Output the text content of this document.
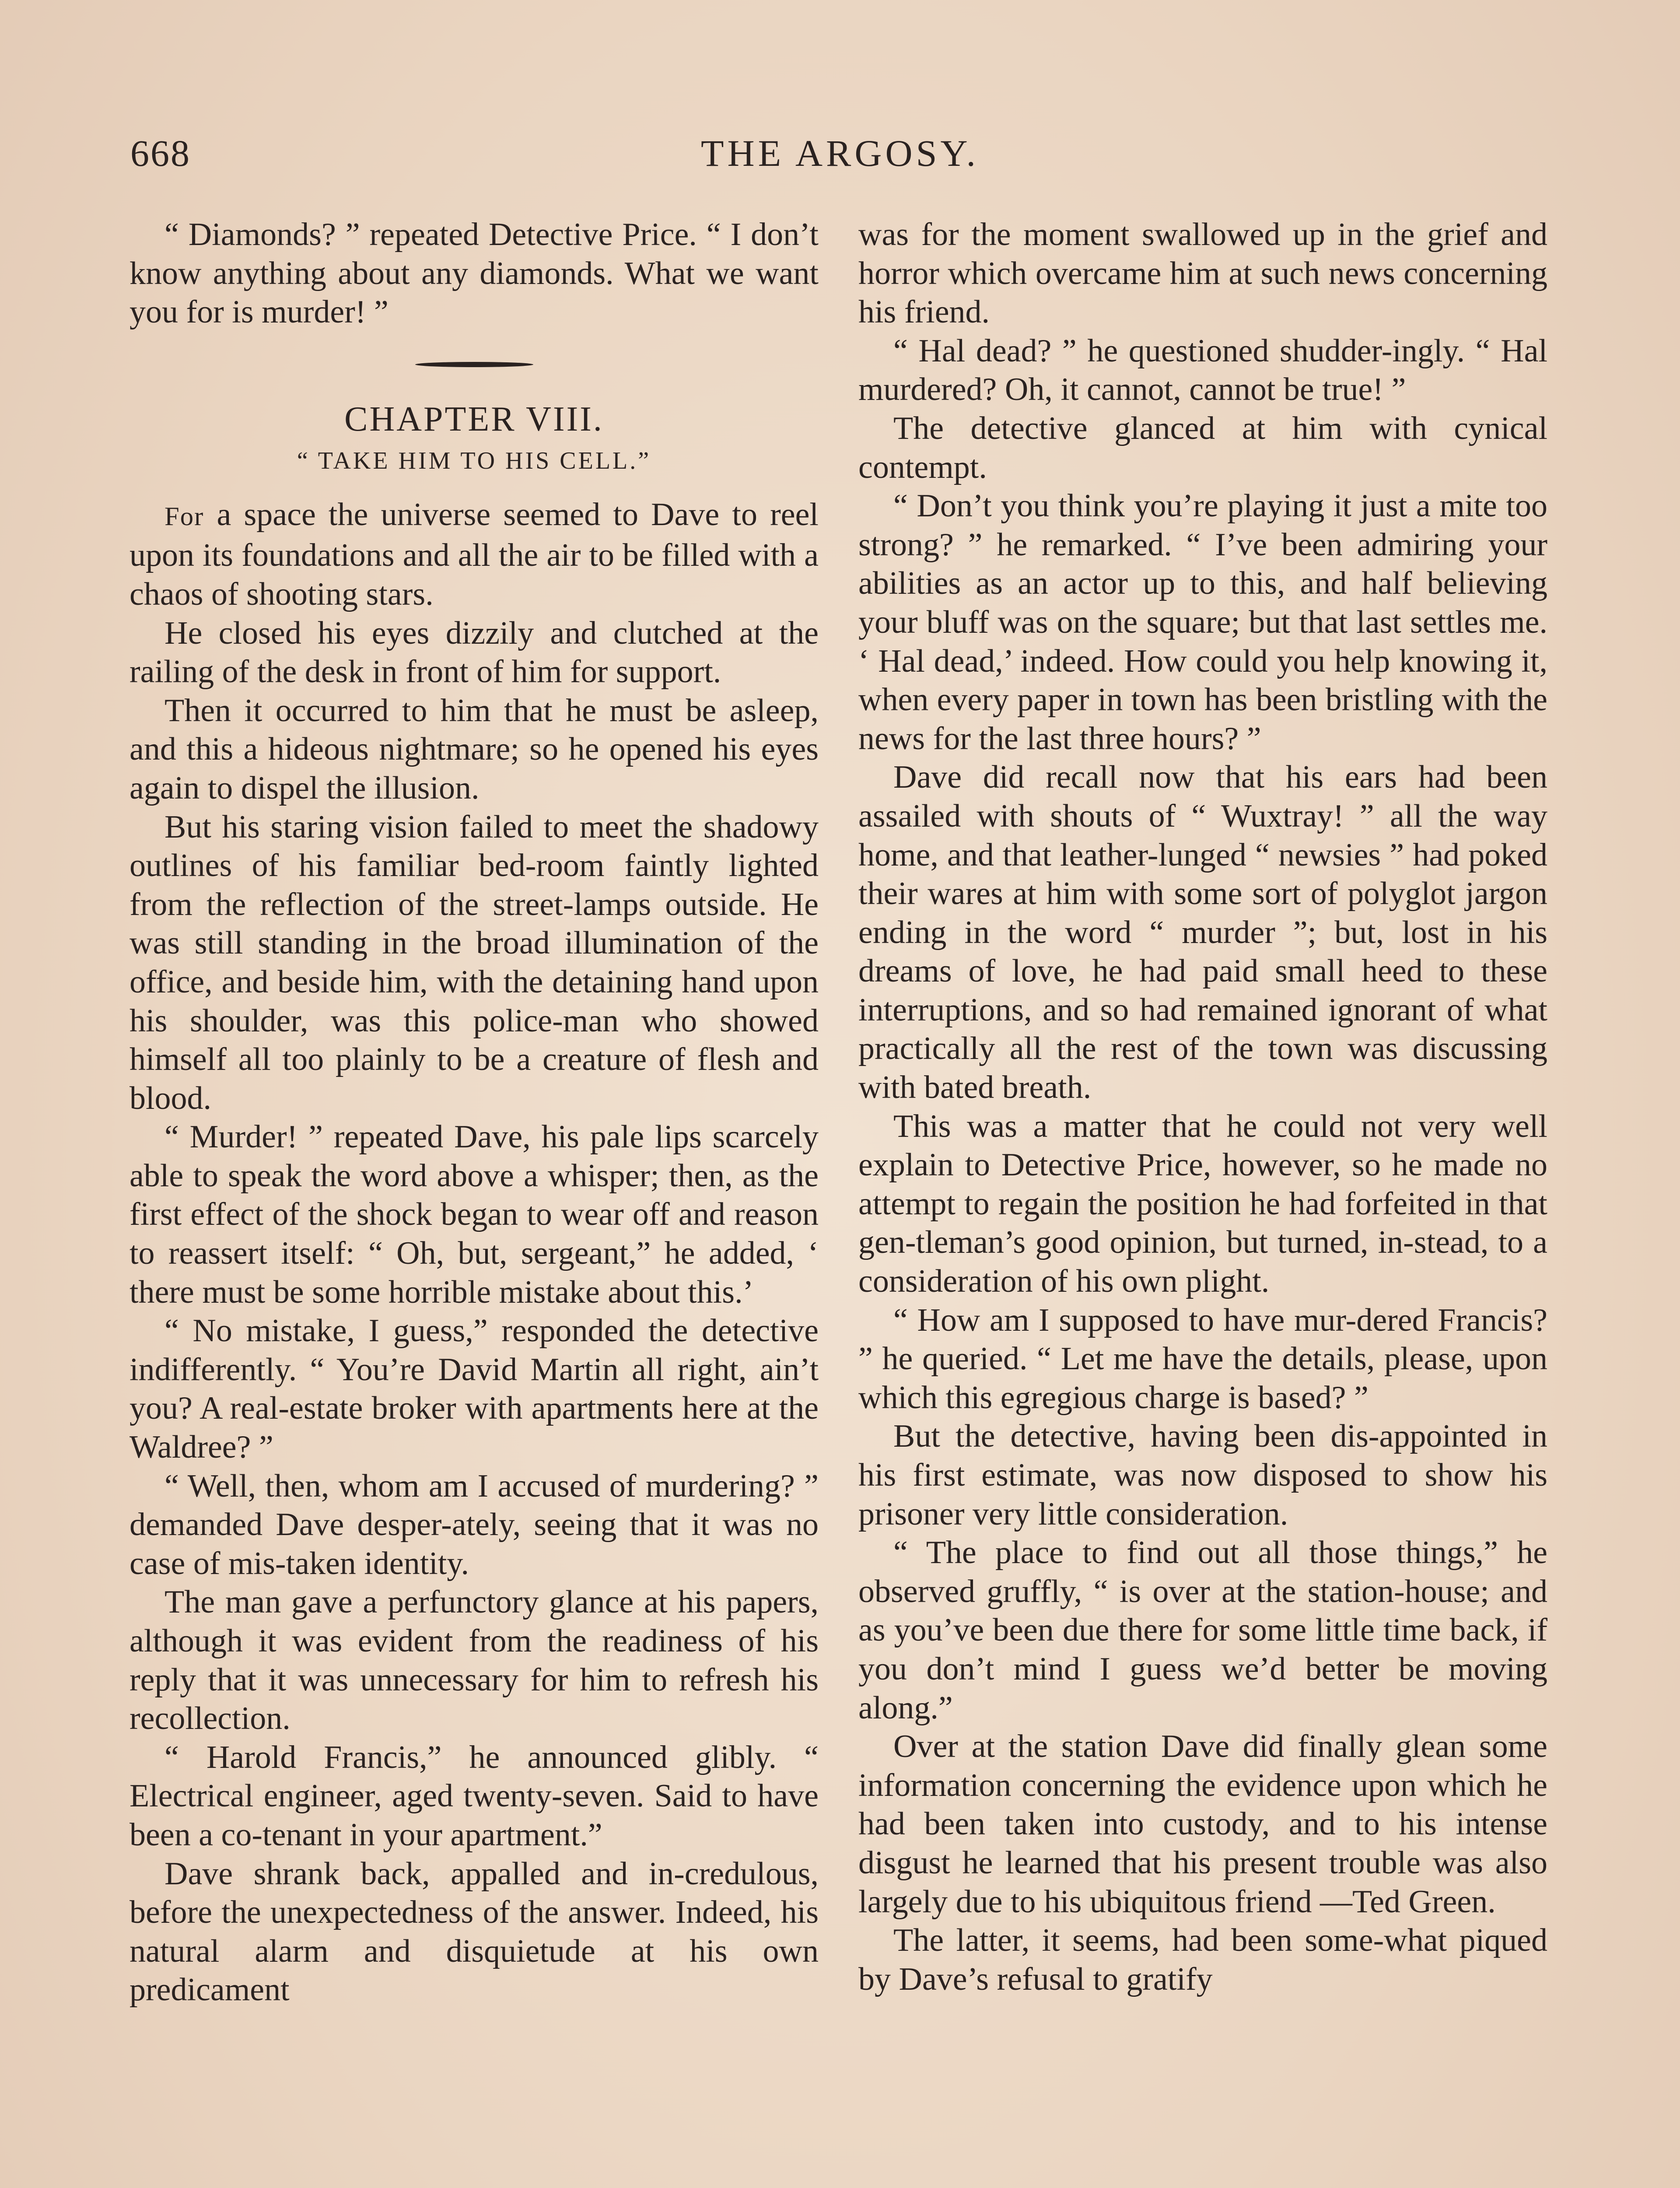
668	THE ARGOSY.

“ Diamonds? ” repeated Detective Price. “ I don’t know anything about any diamonds. What we want you for is murder! ”

CHAPTER VIII.
“ TAKE HIM TO HIS CELL.”

For a space the universe seemed to Dave to reel upon its foundations and all the air to be filled with a chaos of shooting stars.

He closed his eyes dizzily and clutched at the railing of the desk in front of him for support.

Then it occurred to him that he must be asleep, and this a hideous nightmare; so he opened his eyes again to dispel the illusion.

But his staring vision failed to meet the shadowy outlines of his familiar bed-room faintly lighted from the reflection of the street-lamps outside. He was still standing in the broad illumination of the office, and beside him, with the detaining hand upon his shoulder, was this police-man who showed himself all too plainly to be a creature of flesh and blood.

“ Murder! ” repeated Dave, his pale lips scarcely able to speak the word above a whisper; then, as the first effect of the shock began to wear off and reason to reassert itself: “ Oh, but, sergeant,” he added, ‘ there must be some horrible mistake about this.’

“ No mistake, I guess,” responded the detective indifferently. “ You’re David Martin all right, ain’t you? A real-estate broker with apartments here at the Waldree? ”

“ Well, then, whom am I accused of murdering? ” demanded Dave desper-ately, seeing that it was no case of mis-taken identity.

The man gave a perfunctory glance at his papers, although it was evident from the readiness of his reply that it was unnecessary for him to refresh his recollection.

“ Harold Francis,” he announced glibly. “ Electrical engineer, aged twenty-seven. Said to have been a co-tenant in your apartment.”

Dave shrank back, appalled and in-credulous, before the unexpectedness of the answer. Indeed, his natural alarm and disquietude at his own predicament

was for the moment swallowed up in the grief and horror which overcame him at such news concerning his friend.

“ Hal dead? ” he questioned shudder-ingly. “ Hal murdered? Oh, it cannot, cannot be true! ”

The detective glanced at him with cynical contempt.

“ Don’t you think you’re playing it just a mite too strong? ” he remarked. “ I’ve been admiring your abilities as an actor up to this, and half believing your bluff was on the square; but that last settles me. ‘ Hal dead,’ indeed. How could you help knowing it, when every paper in town has been bristling with the news for the last three hours? ”

Dave did recall now that his ears had been assailed with shouts of “ Wuxtray! ” all the way home, and that leather-lunged “ newsies ” had poked their wares at him with some sort of polyglot jargon ending in the word “ murder ”; but, lost in his dreams of love, he had paid small heed to these interruptions, and so had remained ignorant of what practically all the rest of the town was discussing with bated breath.

This was a matter that he could not very well explain to Detective Price, however, so he made no attempt to regain the position he had forfeited in that gen-tleman’s good opinion, but turned, in-stead, to a consideration of his own plight.

“ How am I supposed to have mur-dered Francis? ” he queried. “ Let me have the details, please, upon which this egregious charge is based? ”

But the detective, having been dis-appointed in his first estimate, was now disposed to show his prisoner very little consideration.

“ The place to find out all those things,” he observed gruffly, “ is over at the station-house; and as you’ve been due there for some little time back, if you don’t mind I guess we’d better be moving along.”

Over at the station Dave did finally glean some information concerning the evidence upon which he had been taken into custody, and to his intense disgust he learned that his present trouble was also largely due to his ubiquitous friend —Ted Green.

The latter, it seems, had been some-what piqued by Dave’s refusal to gratify
